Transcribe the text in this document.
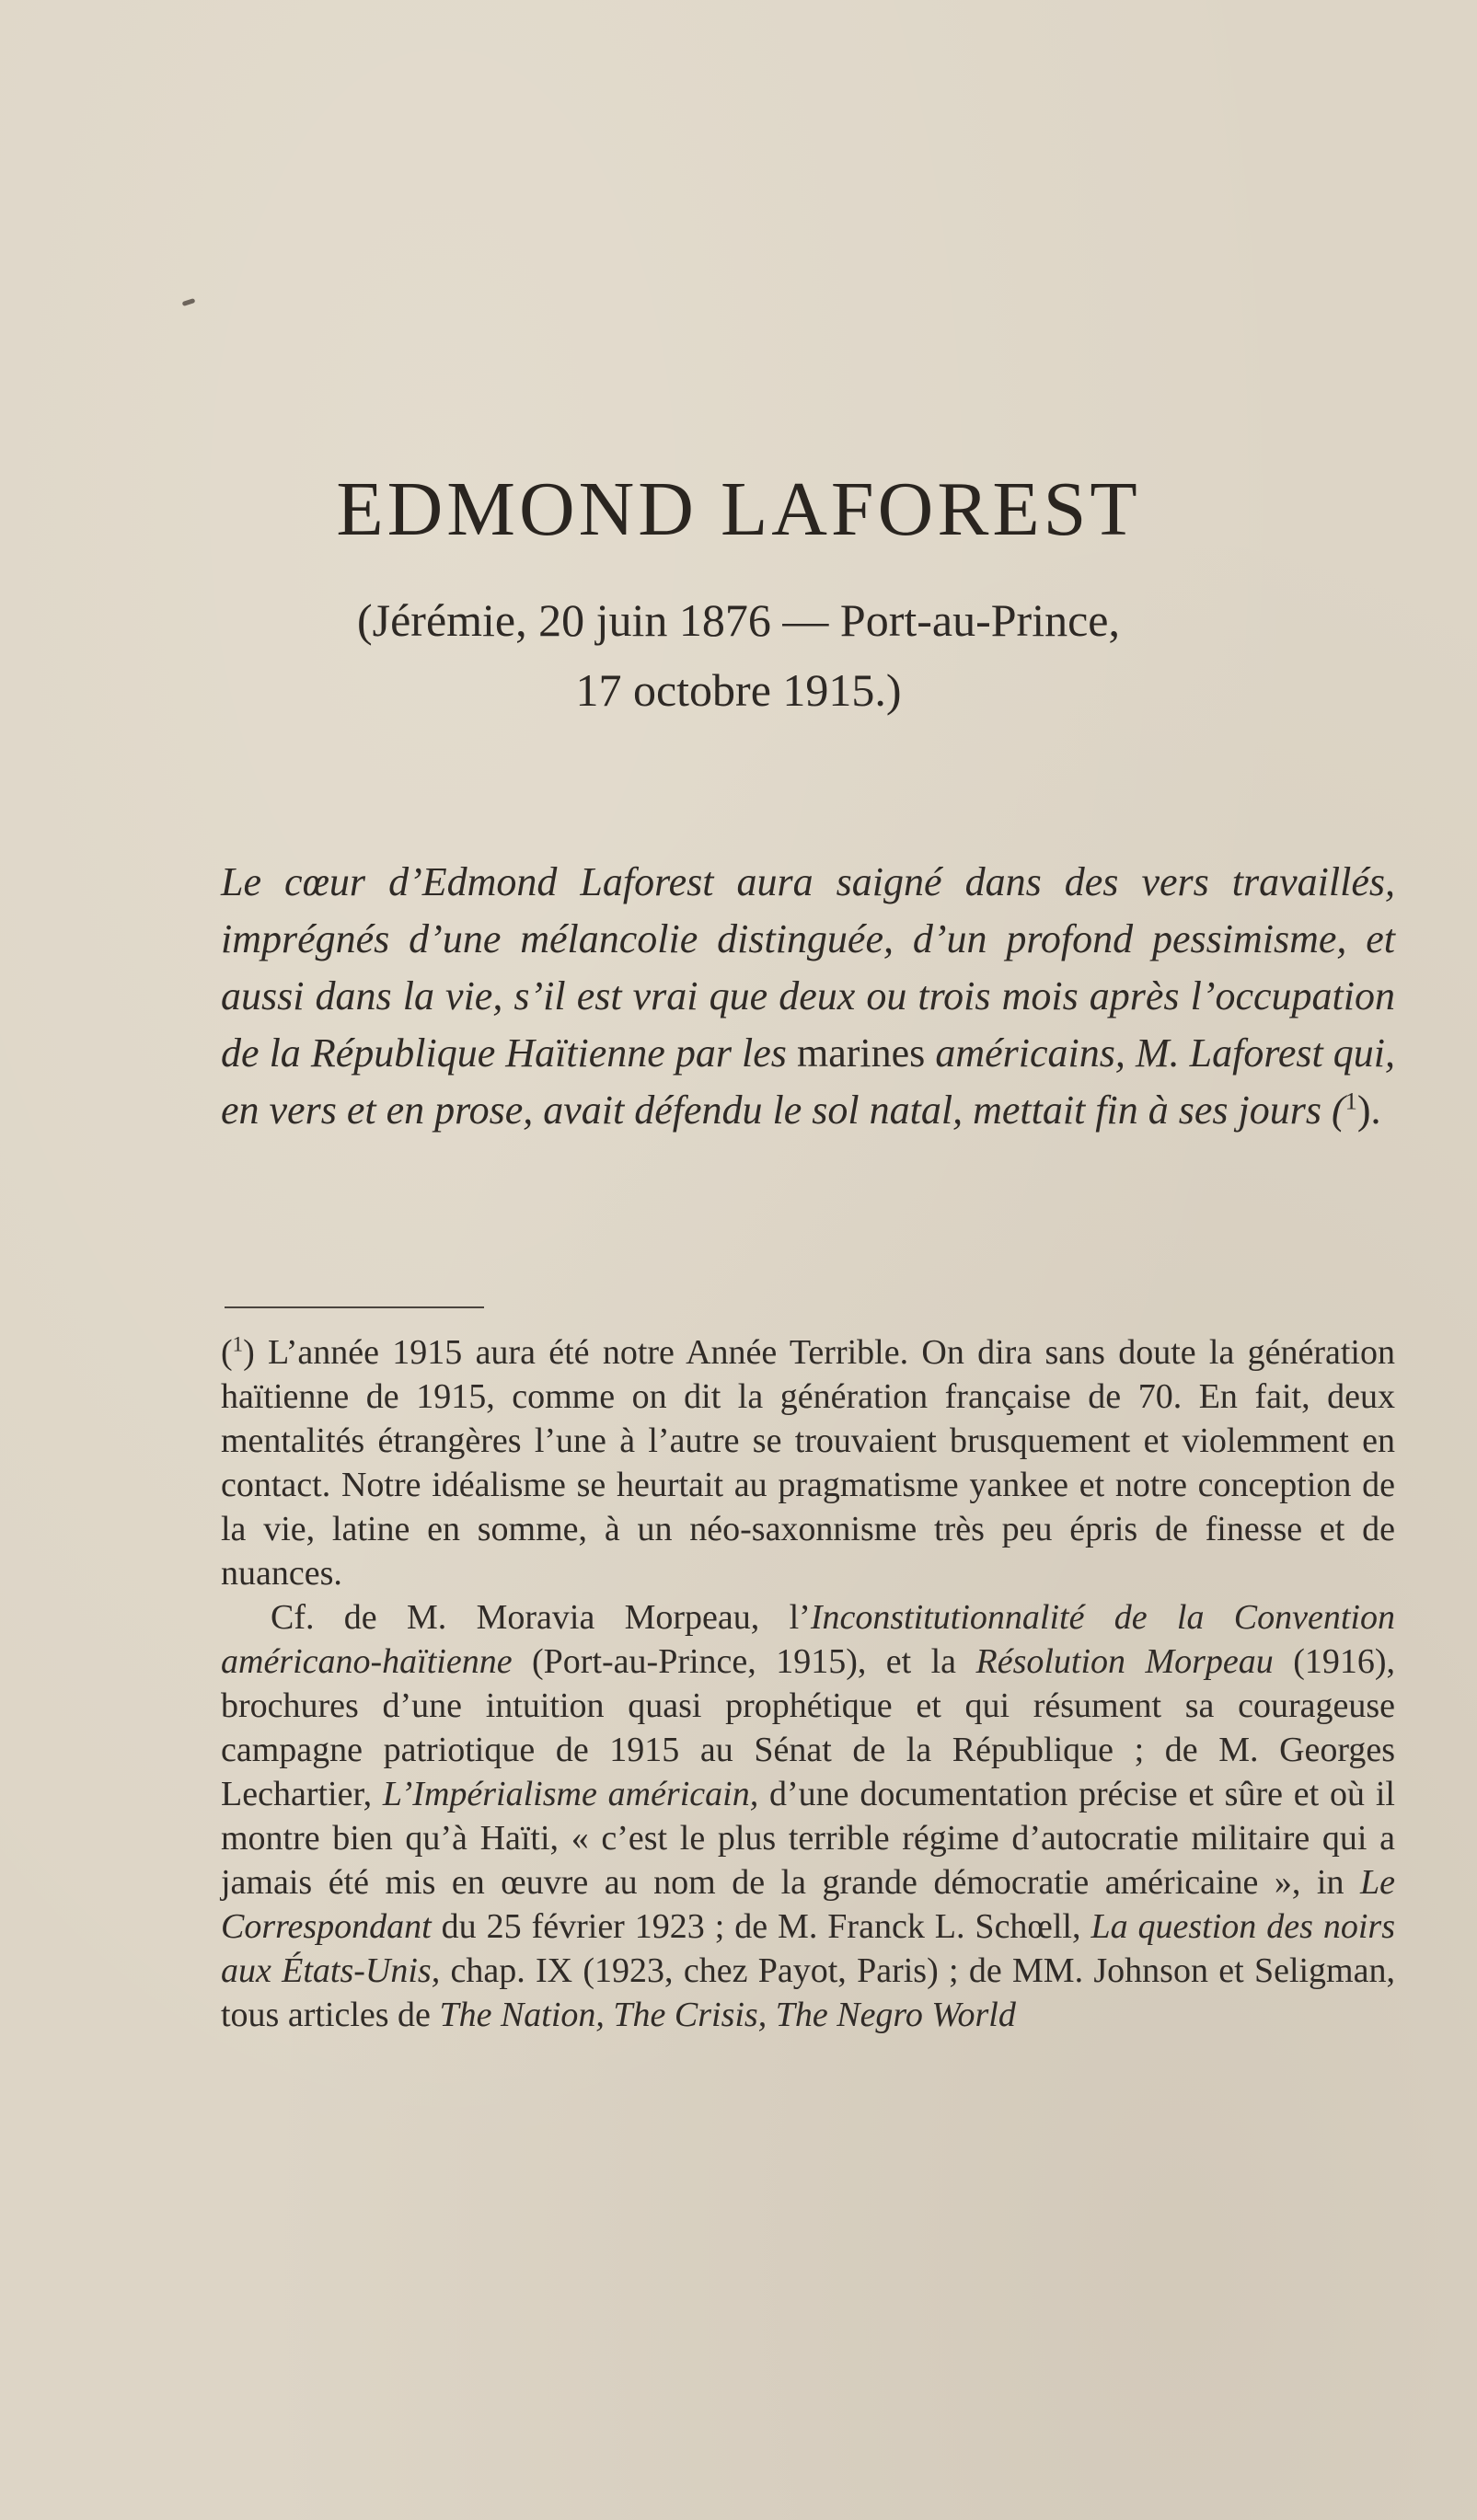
EDMOND LAFOREST
(Jérémie, 20 juin 1876 — Port-au-Prince,
17 octobre 1915.)

Le cœur d’Edmond Laforest aura saigné dans des vers travaillés, imprégnés d’une mélancolie distinguée, d’un profond pessimisme, et aussi dans la vie, s’il est vrai que deux ou trois mois après l’occupation de la République Haïtienne par les marines américains, M. Laforest qui, en vers et en prose, avait défendu le sol natal, mettait fin à ses jours ($^1$).

($^1$) L’année 1915 aura été notre Année Terrible. On dira sans doute la génération haïtienne de 1915, comme on dit la génération française de 70. En fait, deux mentalités étrangères l’une à l’autre se trouvaient brusquement et violemment en contact. Notre idéalisme se heurtait au pragmatisme yankee et notre conception de la vie, latine en somme, à un néo-saxonnisme très peu épris de finesse et de nuances.

Cf. de M. Moravia Morpeau, l’Inconstitutionnalité de la Convention américano-haïtienne (Port-au-Prince, 1915), et la Résolution Morpeau (1916), brochures d’une intuition quasi prophétique et qui résument sa courageuse campagne patriotique de 1915 au Sénat de la République ; de M. Georges Lechartier, L’Impérialisme américain, d’une documentation précise et sûre et où il montre bien qu’à Haïti, « c’est le plus terrible régime d’autocratie militaire qui a jamais été mis en œuvre au nom de la grande démocratie américaine », in Le Correspondant du 25 février 1923 ; de M. Franck L. Schœll, La question des noirs aux États-Unis, chap. IX (1923, chez Payot, Paris) ; de MM. Johnson et Seligman, tous articles de The Nation, The Crisis, The Negro World
